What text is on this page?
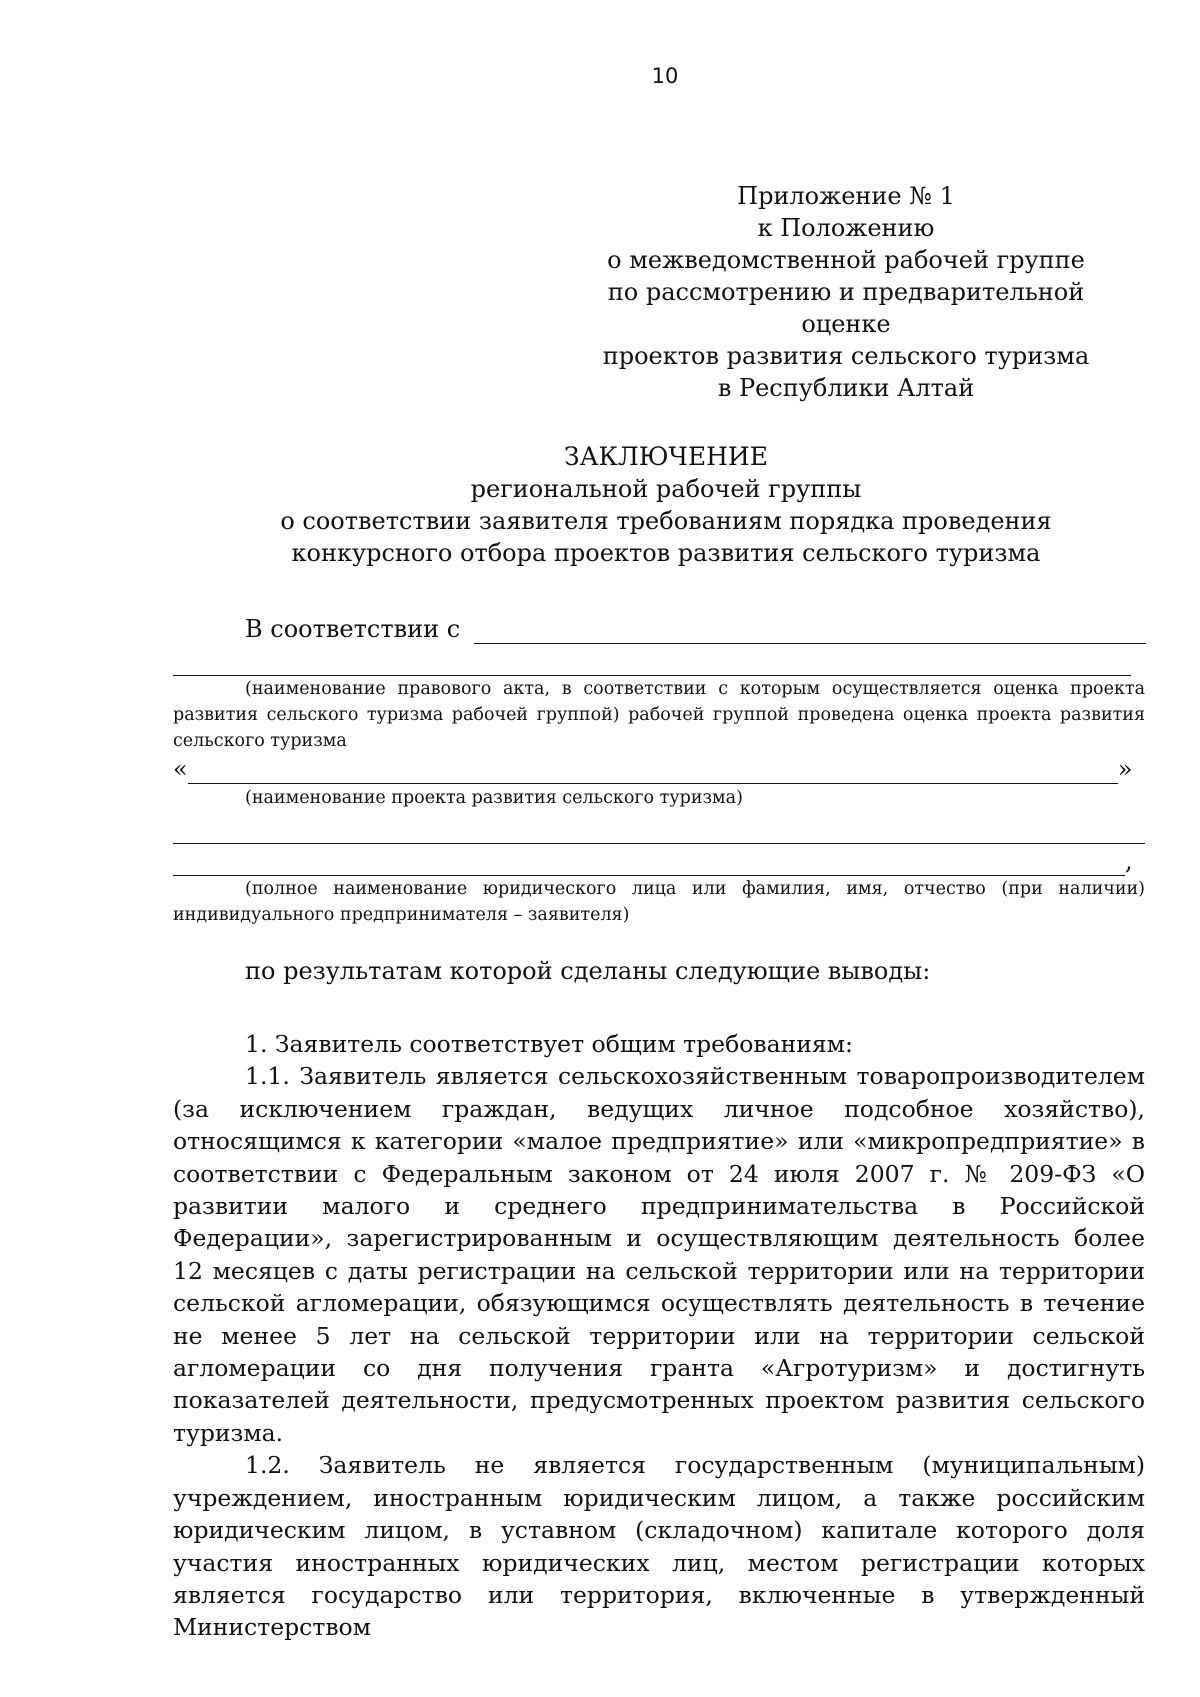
10
Приложение № 1
к Положению
о межведомственной рабочей группе
по рассмотрению и предварительной оценке
проектов развития сельского туризма
в Республики Алтай
ЗАКЛЮЧЕНИЕ
региональной рабочей группы
о соответствии заявителя требованиям порядка проведения
конкурсного отбора проектов развития сельского туризма
В соответствии с
(наименование правового акта, в соответствии с которым осуществляется оценка проекта развития сельского туризма рабочей группой) рабочей группой проведена оценка проекта развития сельского туризма
«	»
(наименование проекта развития сельского туризма)
,
(полное наименование юридического лица или фамилия, имя, отчество (при наличии) индивидуального предпринимателя – заявителя)
по результатам которой сделаны следующие выводы:

1. Заявитель соответствует общим требованиям:

1.1. Заявитель является сельскохозяйственным товаропроизводителем (за исключением граждан, ведущих личное подсобное хозяйство), относящимся к категории «малое предприятие» или «микропредприятие» в соответствии с Федеральным законом от 24 июля 2007 г. № 209-ФЗ «О развитии малого и среднего предпринимательства в Российской Федерации», зарегистрированным и осуществляющим деятельность более 12 месяцев с даты регистрации на сельской территории или на территории сельской агломерации, обязующимся осуществлять деятельность в течение не менее 5 лет на сельской территории или на территории сельской агломерации со дня получения гранта «Агротуризм» и достигнуть показателей деятельности, предусмотренных проектом развития сельского туризма.

1.2. Заявитель не является государственным (муниципальным) учреждением, иностранным юридическим лицом, а также российским юридическим лицом, в уставном (складочном) капитале которого доля участия иностранных юридических лиц, местом регистрации которых является государство или территория, включенные в утвержденный Министерством
